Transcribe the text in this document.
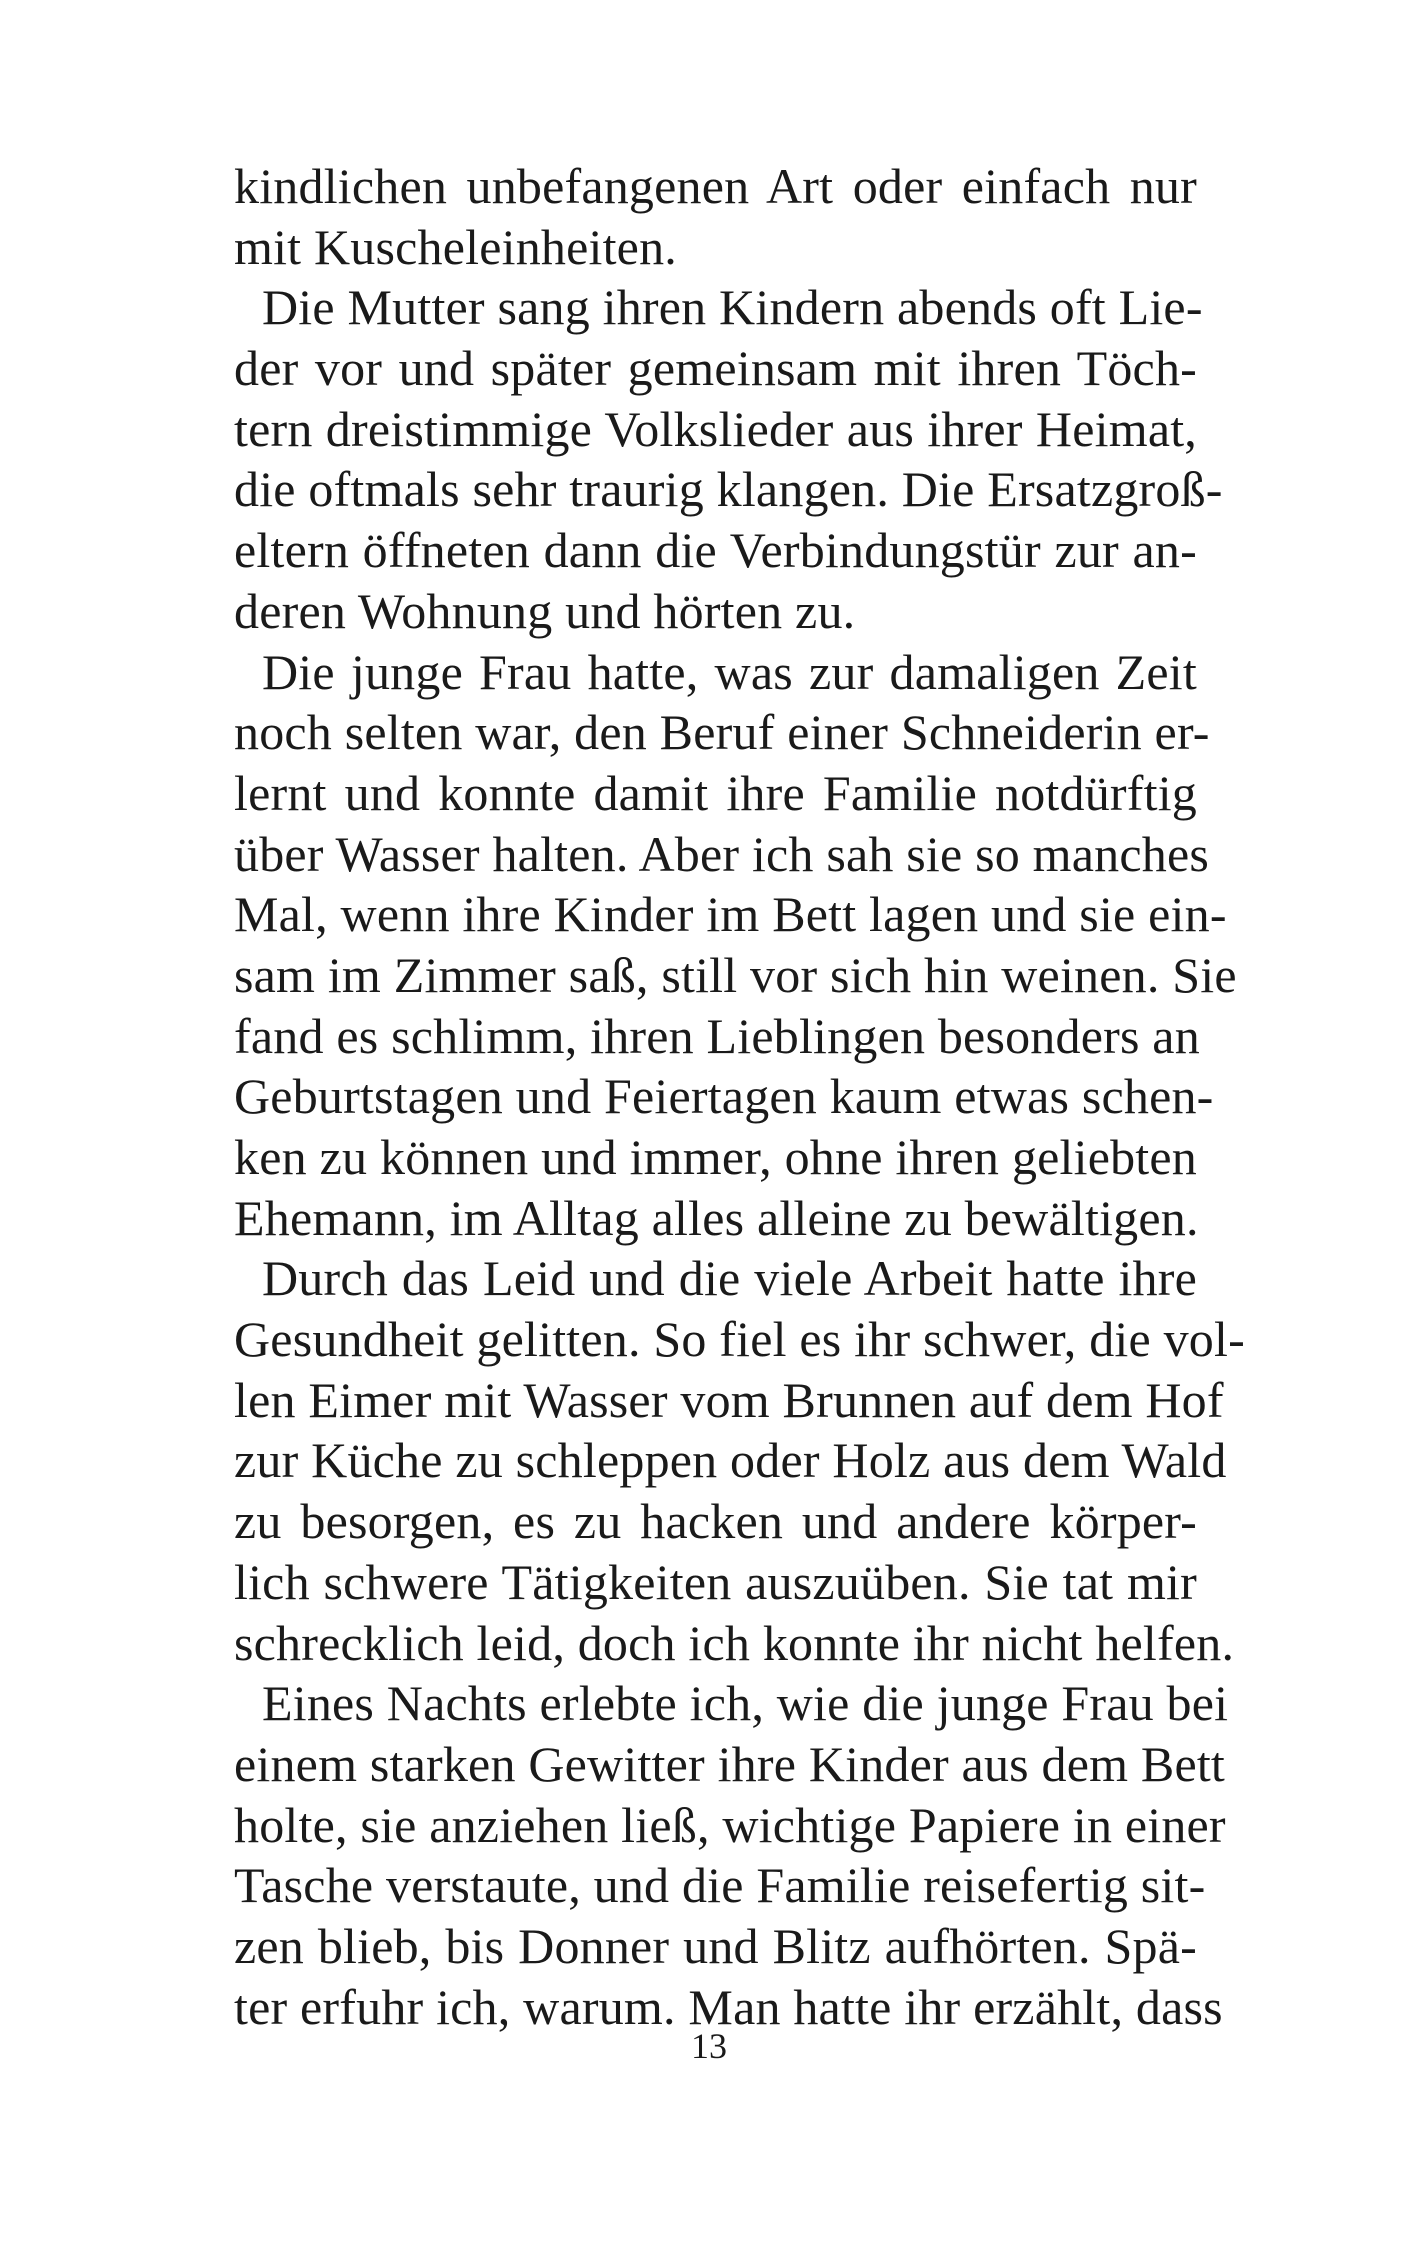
kindlichen unbefangenen Art oder einfach nur
mit Kuscheleinheiten.
Die Mutter sang ihren Kindern abends oft Lie-
der vor und später gemeinsam mit ihren Töch-
tern dreistimmige Volkslieder aus ihrer Heimat,
die oftmals sehr traurig klangen. Die Ersatzgroß-
eltern öffneten dann die Verbindungstür zur an-
deren Wohnung und hörten zu.
Die junge Frau hatte, was zur damaligen Zeit
noch selten war, den Beruf einer Schneiderin er-
lernt und konnte damit ihre Familie notdürftig
über Wasser halten. Aber ich sah sie so manches
Mal, wenn ihre Kinder im Bett lagen und sie ein-
sam im Zimmer saß, still vor sich hin weinen. Sie
fand es schlimm, ihren Lieblingen besonders an
Geburtstagen und Feiertagen kaum etwas schen-
ken zu können und immer, ohne ihren geliebten
Ehemann, im Alltag alles alleine zu bewältigen.
Durch das Leid und die viele Arbeit hatte ihre
Gesundheit gelitten. So fiel es ihr schwer, die vol-
len Eimer mit Wasser vom Brunnen auf dem Hof
zur Küche zu schleppen oder Holz aus dem Wald
zu besorgen, es zu hacken und andere körper-
lich schwere Tätigkeiten auszuüben. Sie tat mir
schrecklich leid, doch ich konnte ihr nicht helfen.
Eines Nachts erlebte ich, wie die junge Frau bei
einem starken Gewitter ihre Kinder aus dem Bett
holte, sie anziehen ließ, wichtige Papiere in einer
Tasche verstaute, und die Familie reisefertig sit-
zen blieb, bis Donner und Blitz aufhörten. Spä-
ter erfuhr ich, warum. Man hatte ihr erzählt, dass
13
